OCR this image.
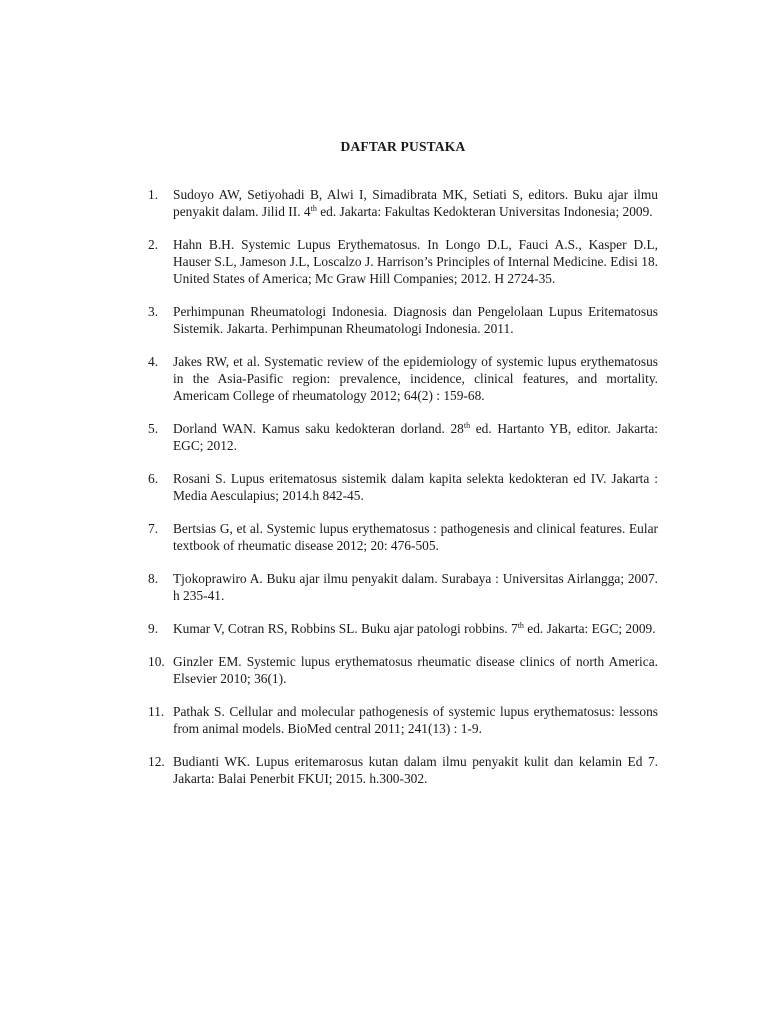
DAFTAR PUSTAKA
1. Sudoyo AW, Setiyohadi B, Alwi I, Simadibrata MK, Setiati S, editors. Buku ajar ilmu penyakit dalam. Jilid II. 4th ed. Jakarta: Fakultas Kedokteran Universitas Indonesia; 2009.
2. Hahn B.H. Systemic Lupus Erythematosus. In Longo D.L, Fauci A.S., Kasper D.L, Hauser S.L, Jameson J.L, Loscalzo J. Harrison’s Principles of Internal Medicine. Edisi 18. United States of America; Mc Graw Hill Companies; 2012. H 2724-35.
3. Perhimpunan Rheumatologi Indonesia. Diagnosis dan Pengelolaan Lupus Eritematosus Sistemik. Jakarta. Perhimpunan Rheumatologi Indonesia. 2011.
4. Jakes RW, et al. Systematic review of the epidemiology of systemic lupus erythematosus in the Asia-Pasific region: prevalence, incidence, clinical features, and mortality. Americam College of rheumatology 2012; 64(2) : 159-68.
5. Dorland WAN. Kamus saku kedokteran dorland. 28th ed. Hartanto YB, editor. Jakarta: EGC; 2012.
6. Rosani S. Lupus eritematosus sistemik dalam kapita selekta kedokteran ed IV. Jakarta : Media Aesculapius; 2014.h 842-45.
7. Bertsias G, et al. Systemic lupus erythematosus : pathogenesis and clinical features. Eular textbook of rheumatic disease 2012; 20: 476-505.
8. Tjokoprawiro A. Buku ajar ilmu penyakit dalam. Surabaya : Universitas Airlangga; 2007. h 235-41.
9. Kumar V, Cotran RS, Robbins SL. Buku ajar patologi robbins. 7th ed. Jakarta: EGC; 2009.
10. Ginzler EM. Systemic lupus erythematosus rheumatic disease clinics of north America. Elsevier 2010; 36(1).
11. Pathak S. Cellular and molecular pathogenesis of systemic lupus erythematosus: lessons from animal models. BioMed central 2011; 241(13) : 1-9.
12. Budianti WK. Lupus eritemarosus kutan dalam ilmu penyakit kulit dan kelamin Ed 7. Jakarta: Balai Penerbit FKUI; 2015. h.300-302.
